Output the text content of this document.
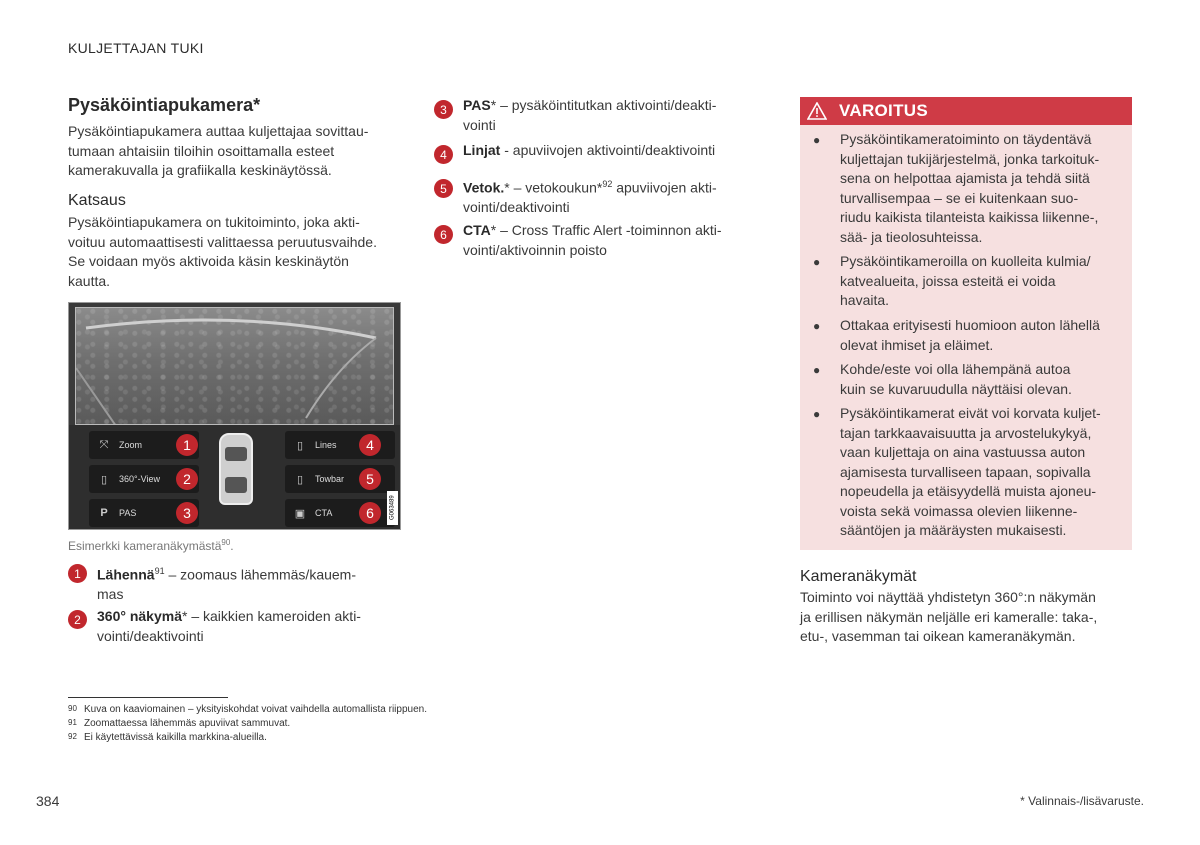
KULJETTAJAN TUKI
Pysäköintiapukamera*
Pysäköintiapukamera auttaa kuljettajaa sovittau-
tumaan ahtaisiin tiloihin osoittamalla esteet
kamerakuvalla ja grafiikalla keskinäytössä.
Katsaus
Pysäköintiapukamera on tukitoiminto, joka akti-
voituu automaattisesti valittaessa peruutusvaihde.
Se voidaan myös aktivoida käsin keskinäytön
kautta.
⤧	Zoom	1
▯	360°-View	2
P	PAS	3
▯	Lines	4
▯	Towbar	5
▣	CTA	6	G063489
Esimerkki kameranäkymästä$^{90}$.
1	Lähennä$^{91}$ – zoomaus lähemmäs/kauem-
mas
2	360° näkymä* – kaikkien kameroiden akti-
vointi/deaktivointi
3	PAS* – pysäköintitutkan aktivointi/deakti-
vointi
4	Linjat - apuviivojen aktivointi/deaktivointi
5	Vetok.* – vetokoukun*$^{92}$ apuviivojen akti-
vointi/deaktivointi
6	CTA* – Cross Traffic Alert -toiminnon akti-
vointi/aktivoinnin poisto
VAROITUS
● Pysäköintikameratoiminto on täydentävä
kuljettajan tukijärjestelmä, jonka tarkoituk-
sena on helpottaa ajamista ja tehdä siitä
turvallisempaa – se ei kuitenkaan suo-
riudu kaikista tilanteista kaikissa liikenne-,
sää- ja tieolosuhteissa.
● Pysäköintikameroilla on kuolleita kulmia/
katvealueita, joissa esteitä ei voida
havaita.
● Ottakaa erityisesti huomioon auton lähellä
olevat ihmiset ja eläimet.
● Kohde/este voi olla lähempänä autoa
kuin se kuvaruudulla näyttäisi olevan.
● Pysäköintikamerat eivät voi korvata kuljet-
tajan tarkkaavaisuutta ja arvostelukykyä,
vaan kuljettaja on aina vastuussa auton
ajamisesta turvalliseen tapaan, sopivalla
nopeudella ja etäisyydellä muista ajoneu-
voista sekä voimassa olevien liikenne-
sääntöjen ja määräysten mukaisesti.
Kameranäkymät
Toiminto voi näyttää yhdistetyn 360°:n näkymän
ja erillisen näkymän neljälle eri kameralle: taka-,
etu-, vasemman tai oikean kameranäkymän.
90 Kuva on kaaviomainen – yksityiskohdat voivat vaihdella automallista riippuen.
91 Zoomattaessa lähemmäs apuviivat sammuvat.
92 Ei käytettävissä kaikilla markkina-alueilla.
384	* Valinnais-/lisävaruste.
